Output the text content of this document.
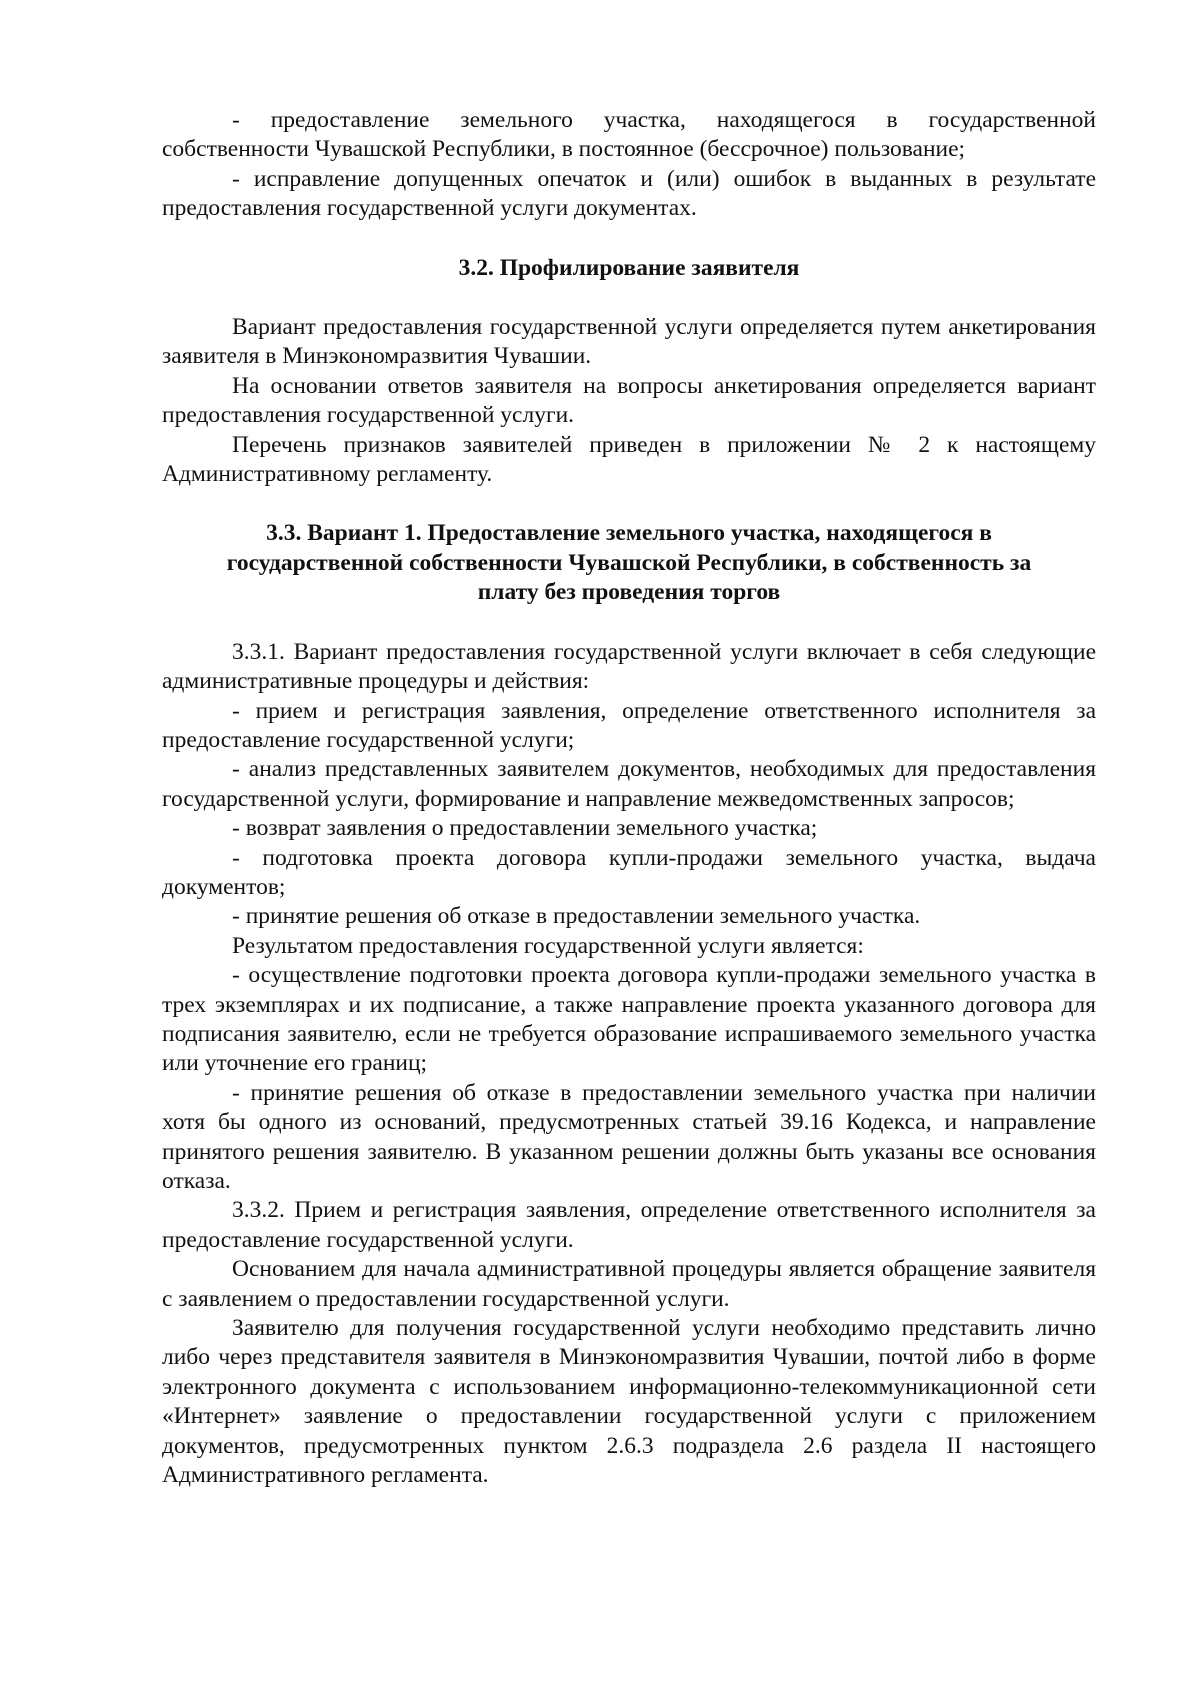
- предоставление земельного участка, находящегося в государственной собственности Чувашской Республики, в постоянное (бессрочное) пользование;

- исправление допущенных опечаток и (или) ошибок в выданных в результате предоставления государственной услуги документах.

3.2. Профилирование заявителя

Вариант предоставления государственной услуги определяется путем анкетирования заявителя в Минэкономразвития Чувашии.

На основании ответов заявителя на вопросы анкетирования определяется вариант предоставления государственной услуги.

Перечень признаков заявителей приведен в приложении № 2 к настоящему Административному регламенту.

3.3. Вариант 1. Предоставление земельного участка, находящегося в
государственной собственности Чувашской Республики, в собственность за
плату без проведения торгов

3.3.1. Вариант предоставления государственной услуги включает в себя следующие административные процедуры и действия:

- прием и регистрация заявления, определение ответственного исполнителя за предоставление государственной услуги;

- анализ представленных заявителем документов, необходимых для предоставления государственной услуги, формирование и направление межведомственных запросов;

- возврат заявления о предоставлении земельного участка;

- подготовка проекта договора купли-продажи земельного участка, выдача документов;

- принятие решения об отказе в предоставлении земельного участка.

Результатом предоставления государственной услуги является:

- осуществление подготовки проекта договора купли-продажи земельного участка в трех экземплярах и их подписание, а также направление проекта указанного договора для подписания заявителю, если не требуется образование испрашиваемого земельного участка или уточнение его границ;

- принятие решения об отказе в предоставлении земельного участка при наличии хотя бы одного из оснований, предусмотренных статьей 39.16 Кодекса, и направление принятого решения заявителю. В указанном решении должны быть указаны все основания отказа.

3.3.2. Прием и регистрация заявления, определение ответственного исполнителя за предоставление государственной услуги.

Основанием для начала административной процедуры является обращение заявителя с заявлением о предоставлении государственной услуги.

Заявителю для получения государственной услуги необходимо представить лично либо через представителя заявителя в Минэкономразвития Чувашии, почтой либо в форме электронного документа с использованием информационно-телекоммуникационной сети «Интернет» заявление о предоставлении государственной услуги с приложением документов, предусмотренных пунктом 2.6.3 подраздела 2.6 раздела II настоящего Административного регламента.
